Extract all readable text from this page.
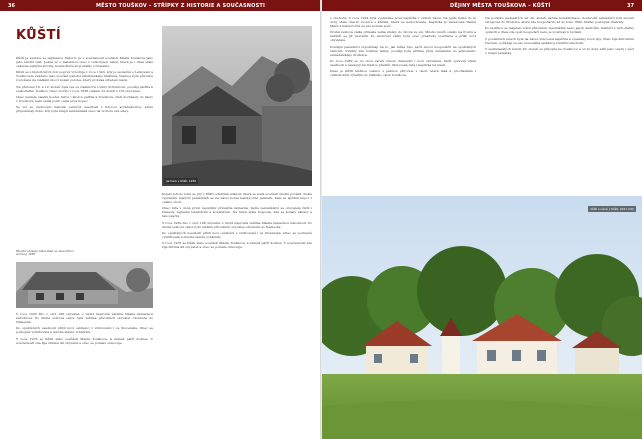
36	MĚSTO TOUŠKOV – STŘÍPKY Z HISTORIE A SOUČASNOSTI
KŮŠTÍ

Kůští je vesnice se zajímavou historií. Je v současnosti součástí Města Touškova jako jeho místní část. Jedná se o malebnou obec s velkorysou návsí, která je i dnes stále osázena velkými stromy, kolem které stojí statky s branami.

Kůští se z historických dob poprvé vynořuje v roce 1343, kdy je společně s Letkovem a Touškovem uváděno jako součást panství kladrubského kláštera. Vesnice byla původně rozložena na mělkém úbočí kolem potoka, který protéká středem návsi.

Na přelomu 18. a 19. století byla ves ve vlastnictví rodiny Schönborn, později patřila k velkostatku Touškov. Obec tvořilo v roce 1838 celkem 23 domů s 156 obyvateli.

Obec neměla vlastní kostel, farou i školou patřila k Touškovu. Děti docházely do školy v Touškově, kam vedla polní cesta přes kopec.

Ve vsi se dochovalo několik cenných usedlostí s lidovou architekturou, které připomínají dobu, kdy byla zdejší zemědělská obec na vrcholu své slávy.

Jarmark v Kůští, 1936
Původní chalupa, která stála na návsi (foto z archivu), 1938

Kolem tohoto roku se prý v Kůští odehrála událost, která se stala součástí místní pověsti. Podle vyprávění starých pamětníků se na návsi konal každoročně jarmark, kam se sjížděli kupci z celého okolí.

Obec byla v době první republiky převážně německá. Vedle zemědělství se obyvatelé živili i řemesly, zejména tesařstvím a kovářstvím. Na návsi stála hospoda, kde se konaly zábavy a tancovačky.

V roce 1930 žilo v obci 198 obyvatel, z nichž naprostá většina hlásila německou národnost. Po druhé světové válce byla většina původních obyvatel odsunuta do Německa.

Do opuštěných usedlostí přišli noví osídlenci z vnitrozemí i ze Slovenska. Obec se postupně vylidňovala a mnohé stavby zchátraly.

V roce 1976 se Kůští stalo součástí Města Touškova, k němuž patří dodnes. V současnosti zde žije zhruba 90 obyvatel a obec se pomalu obnovuje.

V roce 1930 žilo v obci 198 obyvatel, z nichž naprostá většina hlásila německou národnost. Po druhé světové válce byla většina původních obyvatel odsunuta do Německa.

Do opuštěných usedlostí přišli noví osídlenci z vnitrozemí i ze Slovenska. Obec se postupně vylidňovala a mnohé stavby zchátraly.

V roce 1976 se Kůští stalo součástí Města Touškova, k němuž patří dodnes. V současnosti zde žije zhruba 90 obyvatel a obec se pomalu obnovuje.

DĚJINY MĚSTA TOUŠKOVA – KŮŠTÍ	37

v obchodu. V roce 1924 byla vystavěna nová kaplička v centru návsi. Na jejím místě do té doby stála obecní zvonice s křížem, která se nedochovala. Kaplička je zasvěcena Panně Marii a každoročně se zde konala pouť.

Druhá světová válka přinesla velké změny do života ve vsi. Mnoho mužů odešlo na frontu a někteří se již nevrátili. Po skončení války byla obec prakticky vysídlena a přišli noví obyvatelé.

Pozdější pamětníci vzpomínají na to, jak těžké bylo začít znovu hospodařit na opuštěných statcích. Vznikly zde rodinné farmy, později byla většina půdy začleněna do jednotného zemědělského družstva.

Po roce 1989 se do obce začali vracet chalupáři i noví obyvatelé, kteří opravují staré usedlosti a navazují na tradice předků. Obnovena byla i kaplička na návsi.

Dnes je Kůští klidnou vesnicí s pěknou přírodou v okolí, která láká k procházkám i cyklistickým výletům do blízkého okolí Touškova.

Na počátku padesátých let 20. století začala kolektivizace. Soukromí zemědělci byli nuceni vstupovat do družstva, které zde hospodařilo až do roku 1990. Statky postupně chátraly.

Po restituci se majetek vrátil původním vlastníkům nebo jejich dědicům. Někteří z nich statky opravili a dnes zde opět hospodaří nebo je využívají k bydlení.

V posledních letech byla na návsi obnovena kaplička a vysázeny nové lípy. Obec žije kulturním životem, pořádají se zde sousedská setkání a tradiční slavnosti.

V sedmdesátých letech 20. století se připojila ke Touškovu a od té doby sdílí jeho osudy i péči o zdejší památky.

Kůští s návsí v Kůští, 2021 (CR)
